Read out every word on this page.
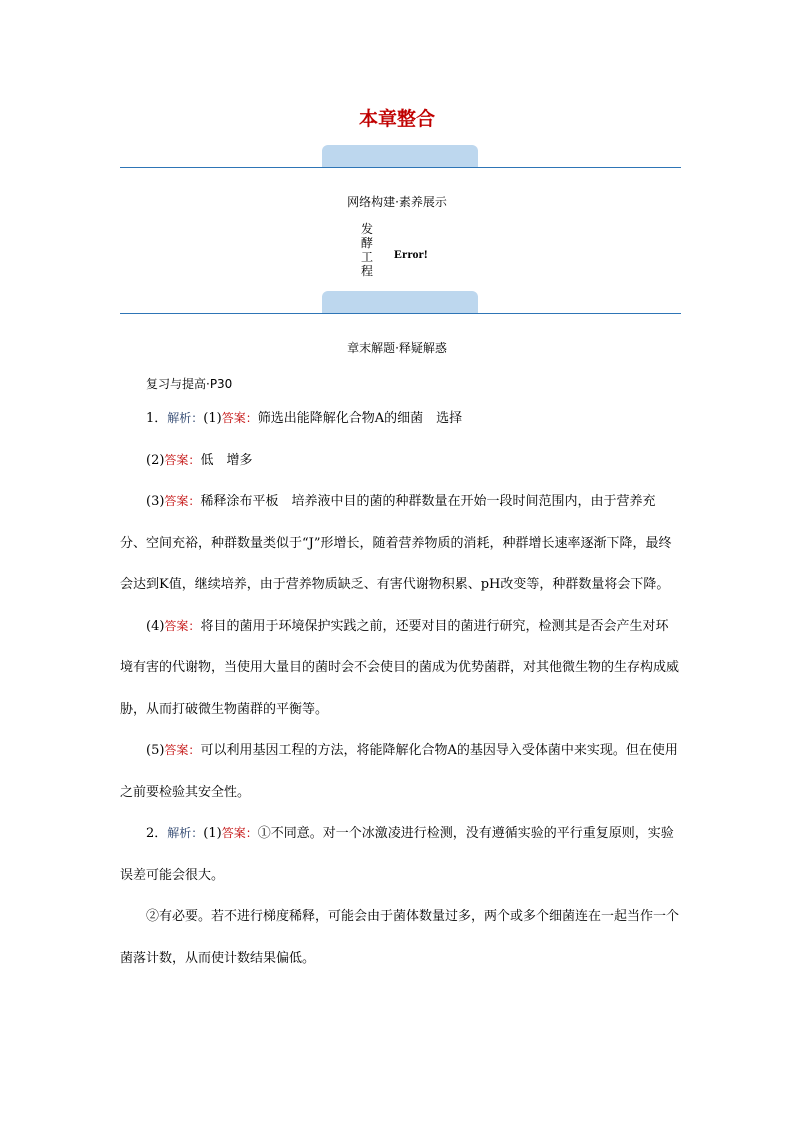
本章整合
网络构建·素养展示
发
酵
工
程
Error!
章末解题·释疑解惑
复习与提高·P30

1．解析：(1)答案：筛选出能降解化合物A的细菌　选择

(2)答案：低　增多

(3)答案：稀释涂布平板　培养液中目的菌的种群数量在开始一段时间范围内，由于营养充分、空间充裕，种群数量类似于“J”形增长，随着营养物质的消耗，种群增长速率逐渐下降，最终会达到K值，继续培养，由于营养物质缺乏、有害代谢物积累、pH改变等，种群数量将会下降。

(4)答案：将目的菌用于环境保护实践之前，还要对目的菌进行研究，检测其是否会产生对环境有害的代谢物，当使用大量目的菌时会不会使目的菌成为优势菌群，对其他微生物的生存构成威胁，从而打破微生物菌群的平衡等。

(5)答案：可以利用基因工程的方法，将能降解化合物A的基因导入受体菌中来实现。但在使用之前要检验其安全性。

2．解析：(1)答案：①不同意。对一个冰激凌进行检测，没有遵循实验的平行重复原则，实验误差可能会很大。

②有必要。若不进行梯度稀释，可能会由于菌体数量过多，两个或多个细菌连在一起当作一个菌落计数，从而使计数结果偏低。
